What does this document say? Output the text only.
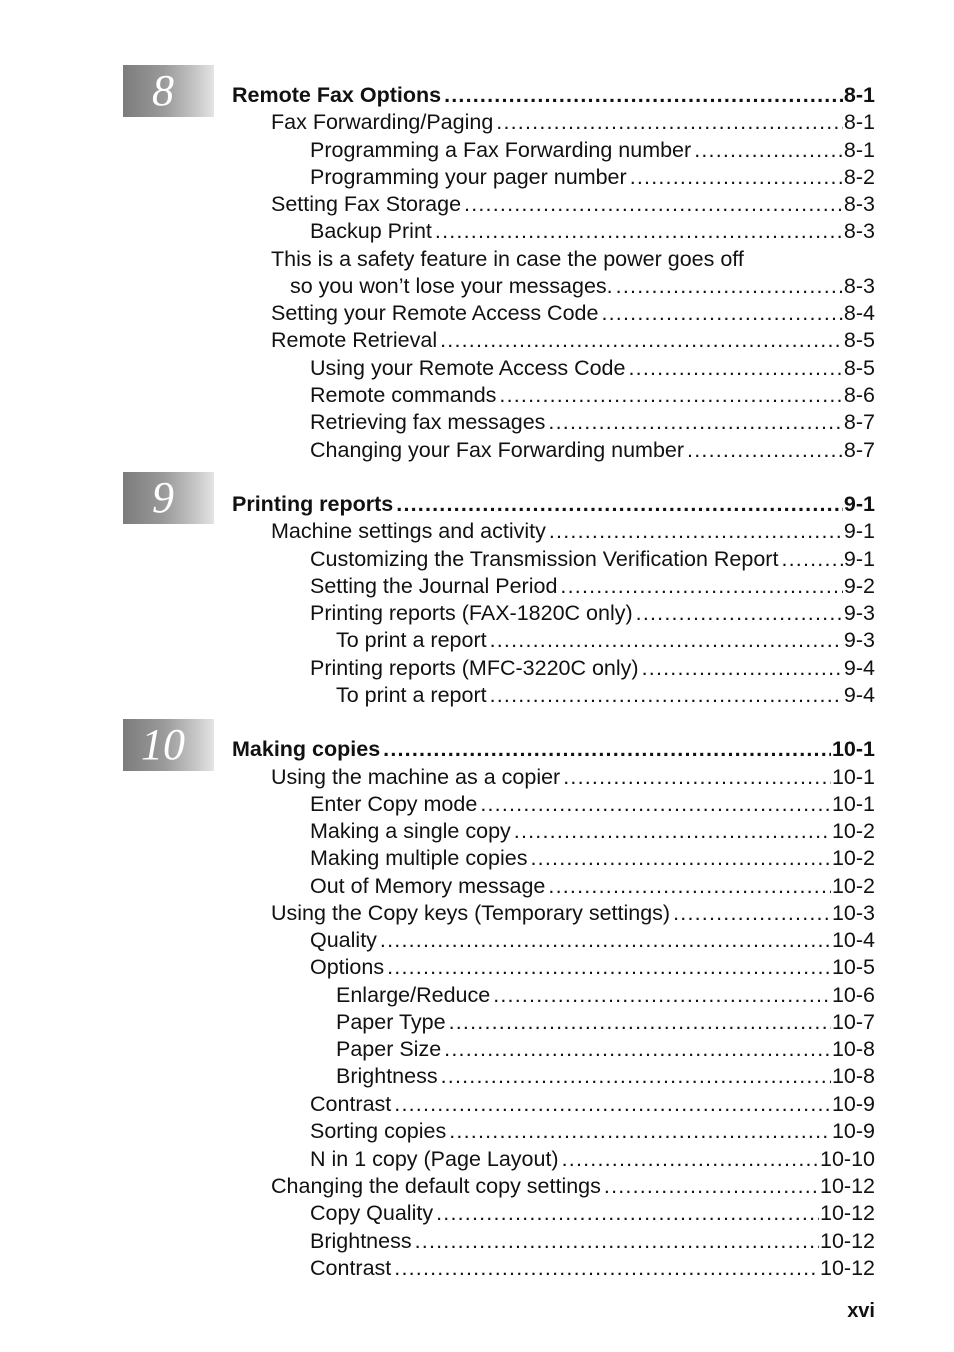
8
9
10
Remote Fax Options .....	8-1
Fax Forwarding/Paging .....	8-1
Programming a Fax Forwarding number .....	8-1
Programming your pager number .....	8-2
Setting Fax Storage .....	8-3
Backup Print .....	8-3
This is a safety feature in case the power goes off
so you won’t lose your messages. .....	8-3
Setting your Remote Access Code .....	8-4
Remote Retrieval .....	8-5
Using your Remote Access Code .....	8-5
Remote commands .....	8-6
Retrieving fax messages .....	8-7
Changing your Fax Forwarding number .....	8-7
Printing reports .....	9-1
Machine settings and activity .....	9-1
Customizing the Transmission Verification Report .....	9-1
Setting the Journal Period .....	9-2
Printing reports (FAX-1820C only) .....	9-3
To print a report .....	9-3
Printing reports (MFC-3220C only) .....	9-4
To print a report .....	9-4
Making copies .....	10-1
Using the machine as a copier .....	10-1
Enter Copy mode .....	10-1
Making a single copy .....	10-2
Making multiple copies .....	10-2
Out of Memory message .....	10-2
Using the Copy keys (Temporary settings) .....	10-3
Quality .....	10-4
Options .....	10-5
Enlarge/Reduce .....	10-6
Paper Type .....	10-7
Paper Size .....	10-8
Brightness .....	10-8
Contrast .....	10-9
Sorting copies .....	10-9
N in 1 copy (Page Layout) .....	10-10
Changing the default copy settings .....	10-12
Copy Quality .....	10-12
Brightness .....	10-12
Contrast .....	10-12
xvi
